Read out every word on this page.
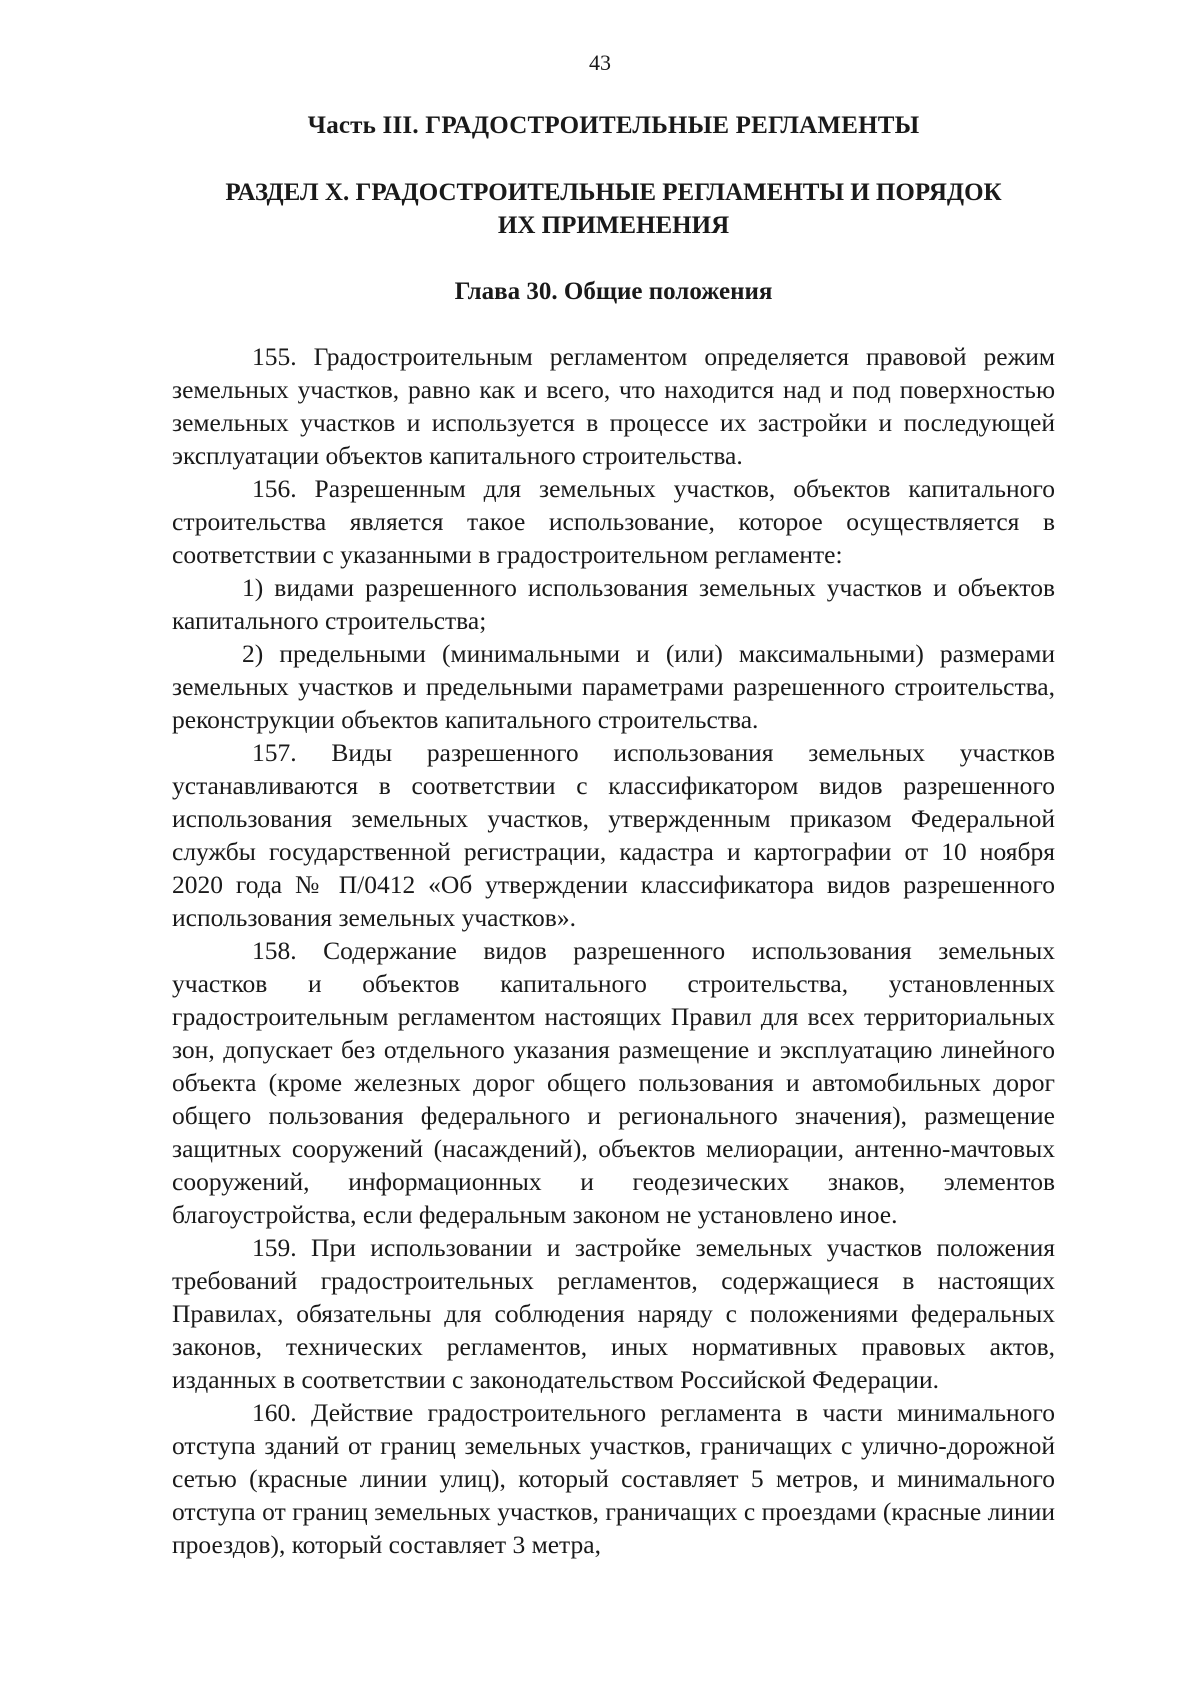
43
Часть III. ГРАДОСТРОИТЕЛЬНЫЕ РЕГЛАМЕНТЫ
РАЗДЕЛ X. ГРАДОСТРОИТЕЛЬНЫЕ РЕГЛАМЕНТЫ И ПОРЯДОК
ИХ ПРИМЕНЕНИЯ
Глава 30. Общие положения

155. Градостроительным регламентом определяется правовой режим земельных участков, равно как и всего, что находится над и под поверхностью земельных участков и используется в процессе их застройки и последующей эксплуатации объектов капитального строительства.

156. Разрешенным для земельных участков, объектов капитального строительства является такое использование, которое осуществляется в соответствии с указанными в градостроительном регламенте:

1) видами разрешенного использования земельных участков и объектов капитального строительства;

2) предельными (минимальными и (или) максимальными) размерами земельных участков и предельными параметрами разрешенного строительства, реконструкции объектов капитального строительства.

157. Виды разрешенного использования земельных участков устанавливаются в соответствии с классификатором видов разрешенного использования земельных участков, утвержденным приказом Федеральной службы государственной регистрации, кадастра и картографии от 10 ноября 2020 года № П/0412 «Об утверждении классификатора видов разрешенного использования земельных участков».

158. Содержание видов разрешенного использования земельных участков и объектов капитального строительства, установленных градостроительным регламентом настоящих Правил для всех территориальных зон, допускает без отдельного указания размещение и эксплуатацию линейного объекта (кроме железных дорог общего пользования и автомобильных дорог общего пользования федерального и регионального значения), размещение защитных сооружений (насаждений), объектов мелиорации, антенно-мачтовых сооружений, информационных и геодезических знаков, элементов благоустройства, если федеральным законом не установлено иное.

159. При использовании и застройке земельных участков положения требований градостроительных регламентов, содержащиеся в настоящих Правилах, обязательны для соблюдения наряду с положениями федеральных законов, технических регламентов, иных нормативных правовых актов, изданных в соответствии с законодательством Российской Федерации.

160. Действие градостроительного регламента в части минимального отступа зданий от границ земельных участков, граничащих с улично-дорожной сетью (красные линии улиц), который составляет 5 метров, и минимального отступа от границ земельных участков, граничащих с проездами (красные линии проездов), который составляет 3 метра,
